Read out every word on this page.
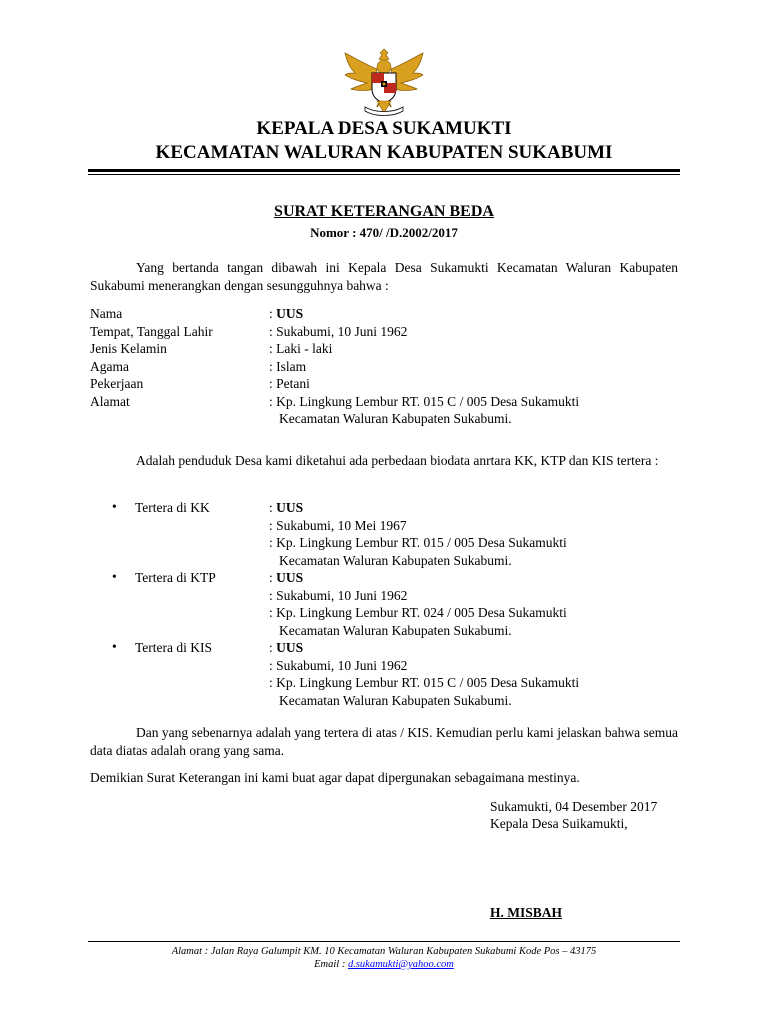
KEPALA DESA SUKAMUKTI
KECAMATAN WALURAN KABUPATEN SUKABUMI
SURAT KETERANGAN BEDA
Nomor : 470/ /D.2002/2017
Yang bertanda tangan dibawah ini Kepala Desa Sukamukti Kecamatan Waluran Kabupaten Sukabumi menerangkan dengan sesungguhnya bahwa :
Nama	: UUS
Tempat, Tanggal Lahir	: Sukabumi, 10 Juni 1962
Jenis Kelamin	: Laki - laki
Agama	: Islam
Pekerjaan	: Petani
Alamat	: Kp. Lingkung Lembur RT. 015 C / 005 Desa Sukamukti
Kecamatan Waluran Kabupaten Sukabumi.
Adalah penduduk Desa kami diketahui ada perbedaan biodata anrtara KK, KTP dan KIS tertera :
• Tertera di KK	: UUS
: Sukabumi, 10 Mei 1967
: Kp. Lingkung Lembur RT. 015 / 005 Desa Sukamukti
Kecamatan Waluran Kabupaten Sukabumi.
• Tertera di KTP	: UUS
: Sukabumi, 10 Juni 1962
: Kp. Lingkung Lembur RT. 024 / 005 Desa Sukamukti
Kecamatan Waluran Kabupaten Sukabumi.
• Tertera di KIS	: UUS
: Sukabumi, 10 Juni 1962
: Kp. Lingkung Lembur RT. 015 C / 005 Desa Sukamukti
Kecamatan Waluran Kabupaten Sukabumi.
Dan yang sebenarnya adalah yang tertera di atas / KIS. Kemudian perlu kami jelaskan bahwa semua data diatas adalah orang yang sama.
Demikian Surat Keterangan ini kami buat agar dapat dipergunakan sebagaimana mestinya.
Sukamukti, 04 Desember 2017
Kepala Desa Suikamukti,
H. MISBAH
Alamat : Jalan Raya Galumpit KM. 10 Kecamatan Waluran Kabupaten Sukabumi Kode Pos – 43175
Email : d.sukamukti@yahoo.com
